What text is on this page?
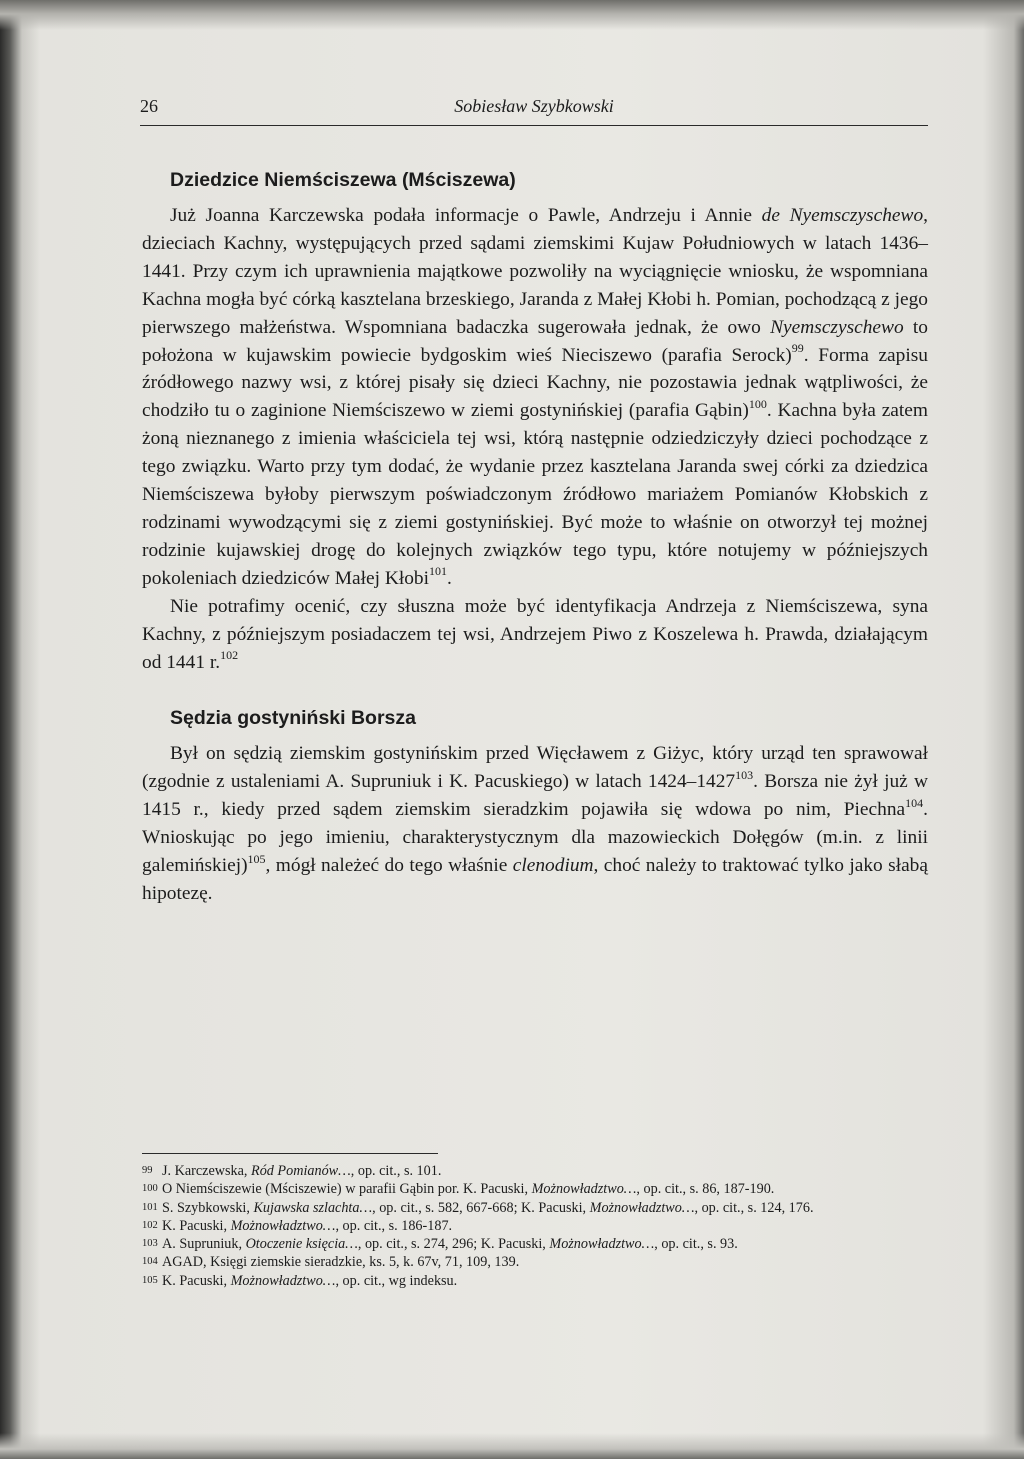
26	Sobiesław Szybkowski
Dziedzice Niemściszewa (Mściszewa)

Już Joanna Karczewska podała informacje o Pawle, Andrzeju i Annie de Nyemsczyschewo, dzieciach Kachny, występujących przed sądami ziemskimi Kujaw Południowych w latach 1436–1441. Przy czym ich uprawnienia majątkowe pozwoliły na wyciągnięcie wniosku, że wspomniana Kachna mogła być córką kasztelana brzeskiego, Jaranda z Małej Kłobi h. Pomian, pochodzącą z jego pierwszego małżeństwa. Wspomniana badaczka sugerowała jednak, że owo Nyemsczyschewo to położona w kujawskim powiecie bydgoskim wieś Nieciszewo (parafia Serock)$^{99}$. Forma zapisu źródłowego nazwy wsi, z której pisały się dzieci Kachny, nie pozostawia jednak wątpliwości, że chodziło tu o zaginione Niemściszewo w ziemi gostynińskiej (parafia Gąbin)$^{100}$. Kachna była zatem żoną nieznanego z imienia właściciela tej wsi, którą następnie odziedziczyły dzieci pochodzące z tego związku. Warto przy tym dodać, że wydanie przez kasztelana Jaranda swej córki za dziedzica Niemściszewa byłoby pierwszym poświadczonym źródłowo mariażem Pomianów Kłobskich z rodzinami wywodzącymi się z ziemi gostynińskiej. Być może to właśnie on otworzył tej możnej rodzinie kujawskiej drogę do kolejnych związków tego typu, które notujemy w późniejszych pokoleniach dziedziców Małej Kłobi$^{101}$.

Nie potrafimy ocenić, czy słuszna może być identyfikacja Andrzeja z Niemściszewa, syna Kachny, z późniejszym posiadaczem tej wsi, Andrzejem Piwo z Koszelewa h. Prawda, działającym od 1441 r.$^{102}$

Sędzia gostyniński Borsza

Był on sędzią ziemskim gostynińskim przed Więcławem z Giżyc, który urząd ten sprawował (zgodnie z ustaleniami A. Supruniuk i K. Pacuskiego) w latach 1424–1427$^{103}$. Borsza nie żył już w 1415 r., kiedy przed sądem ziemskim sieradzkim pojawiła się wdowa po nim, Piechna$^{104}$. Wnioskując po jego imieniu, charakterystycznym dla mazowieckich Dołęgów (m.in. z linii galemińskiej)$^{105}$, mógł należeć do tego właśnie clenodium, choć należy to traktować tylko jako słabą hipotezę.

99 J. Karczewska, Ród Pomianów…, op. cit., s. 101.
100 O Niemściszewie (Mściszewie) w parafii Gąbin por. K. Pacuski, Możnowładztwo…, op. cit., s. 86, 187-190.
101 S. Szybkowski, Kujawska szlachta…, op. cit., s. 582, 667-668; K. Pacuski, Możnowładztwo…, op. cit., s. 124, 176.
102 K. Pacuski, Możnowładztwo…, op. cit., s. 186-187.
103 A. Supruniuk, Otoczenie księcia…, op. cit., s. 274, 296; K. Pacuski, Możnowładztwo…, op. cit., s. 93.
104 AGAD, Księgi ziemskie sieradzkie, ks. 5, k. 67v, 71, 109, 139.
105 K. Pacuski, Możnowładztwo…, op. cit., wg indeksu.
